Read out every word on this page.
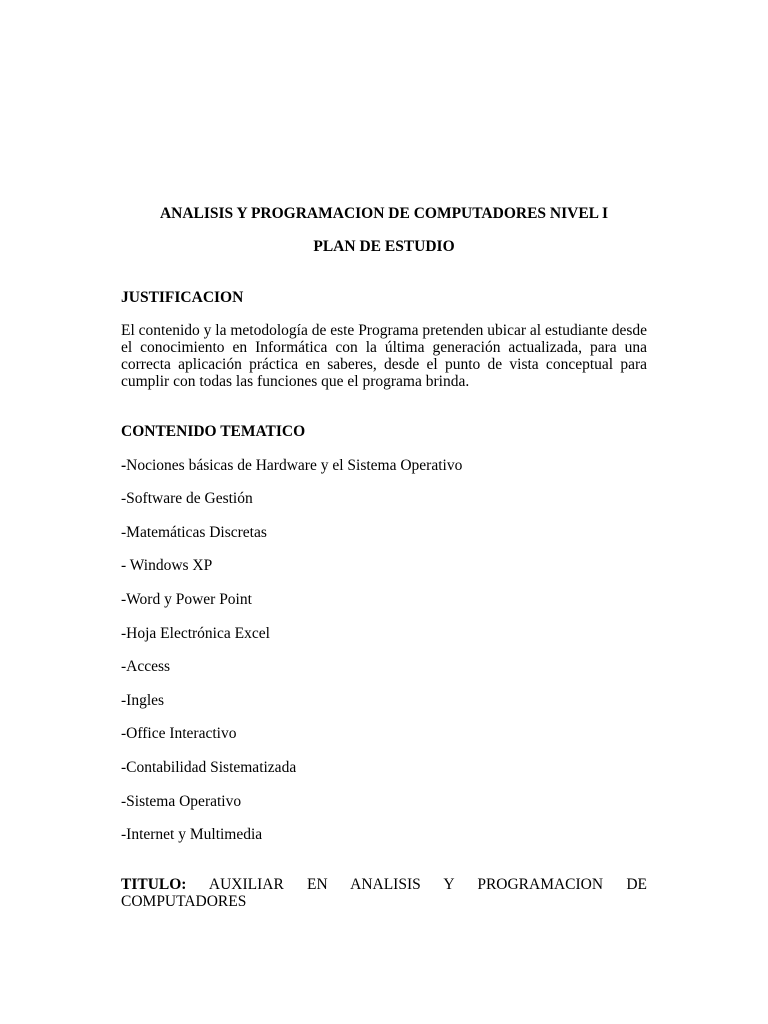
ANALISIS Y PROGRAMACION DE COMPUTADORES NIVEL I
PLAN DE ESTUDIO
JUSTIFICACION
El contenido y la metodología de este Programa pretenden ubicar al estudiante desde el conocimiento en Informática con la última generación actualizada, para una correcta aplicación práctica en saberes, desde el punto de vista conceptual para cumplir con todas las funciones que el programa brinda.
CONTENIDO TEMATICO
-Nociones básicas de Hardware y el Sistema Operativo
-Software de Gestión
-Matemáticas Discretas
- Windows XP
-Word y Power Point
-Hoja Electrónica Excel
-Access
-Ingles
-Office Interactivo
-Contabilidad Sistematizada
-Sistema Operativo
-Internet y Multimedia
TITULO: AUXILIAR EN ANALISIS Y PROGRAMACION DE COMPUTADORES
